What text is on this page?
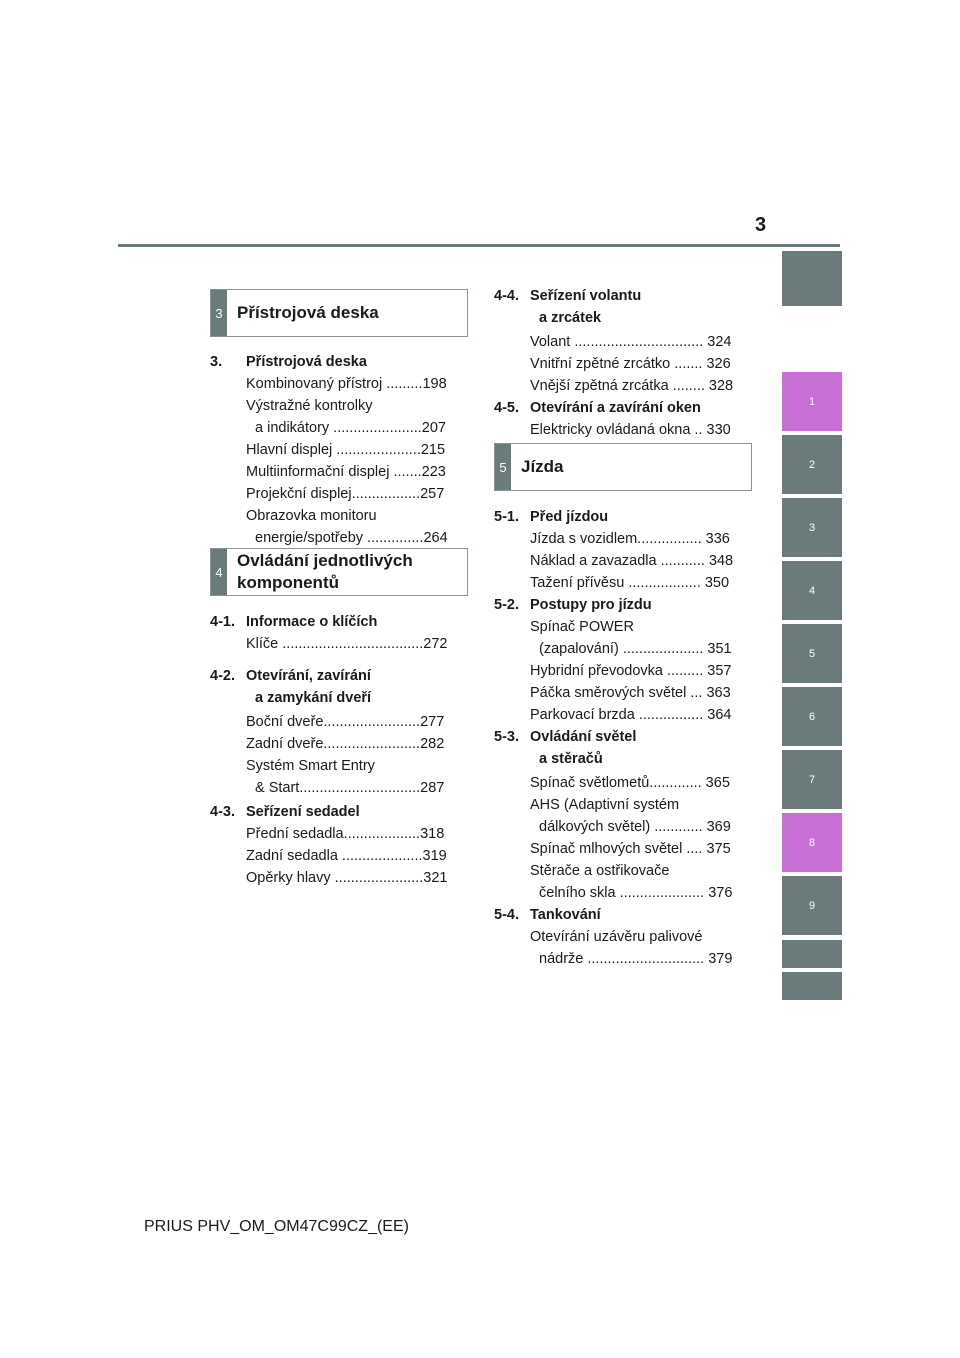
3
1
2
3
4
5
6
7
8
9
3 Přístrojová deska
4
Ovládání jednotlivých
komponentů
5 Jízda
3. Přístrojová deska
Kombinovaný přístroj .........198
Výstražné kontrolky
a indikátory ......................207
Hlavní displej .....................215
Multiinformační displej .......223
Projekční displej.................257
Obrazovka monitoru
energie/spotřeby ..............264
4-1. Informace o klíčích
Klíče ...................................272
4-2. Otevírání, zavírání
a zamykání dveří
Boční dveře........................277
Zadní dveře........................282
Systém Smart Entry
& Start..............................287
4-3. Seřízení sedadel
Přední sedadla...................318
Zadní sedadla ....................319
Opěrky hlavy ......................321
4-4. Seřízení volantu
a zrcátek
Volant ................................ 324
Vnitřní zpětné zrcátko ....... 326
Vnější zpětná zrcátka ........ 328
4-5. Otevírání a zavírání oken
Elektricky ovládaná okna .. 330
5-1. Před jízdou
Jízda s vozidlem................ 336
Náklad a zavazadla ........... 348
Tažení přívěsu .................. 350
5-2. Postupy pro jízdu
Spínač POWER
(zapalování) .................... 351
Hybridní převodovka ......... 357
Páčka směrových světel ... 363
Parkovací brzda ................ 364
5-3. Ovládání světel
a stěračů
Spínač světlometů............. 365
AHS (Adaptivní systém
dálkových světel) ............ 369
Spínač mlhových světel .... 375
Stěrače a ostřikovače
čelního skla ..................... 376
5-4. Tankování
Otevírání uzávěru palivové
nádrže ............................. 379
PRIUS PHV_OM_OM47C99CZ_(EE)
